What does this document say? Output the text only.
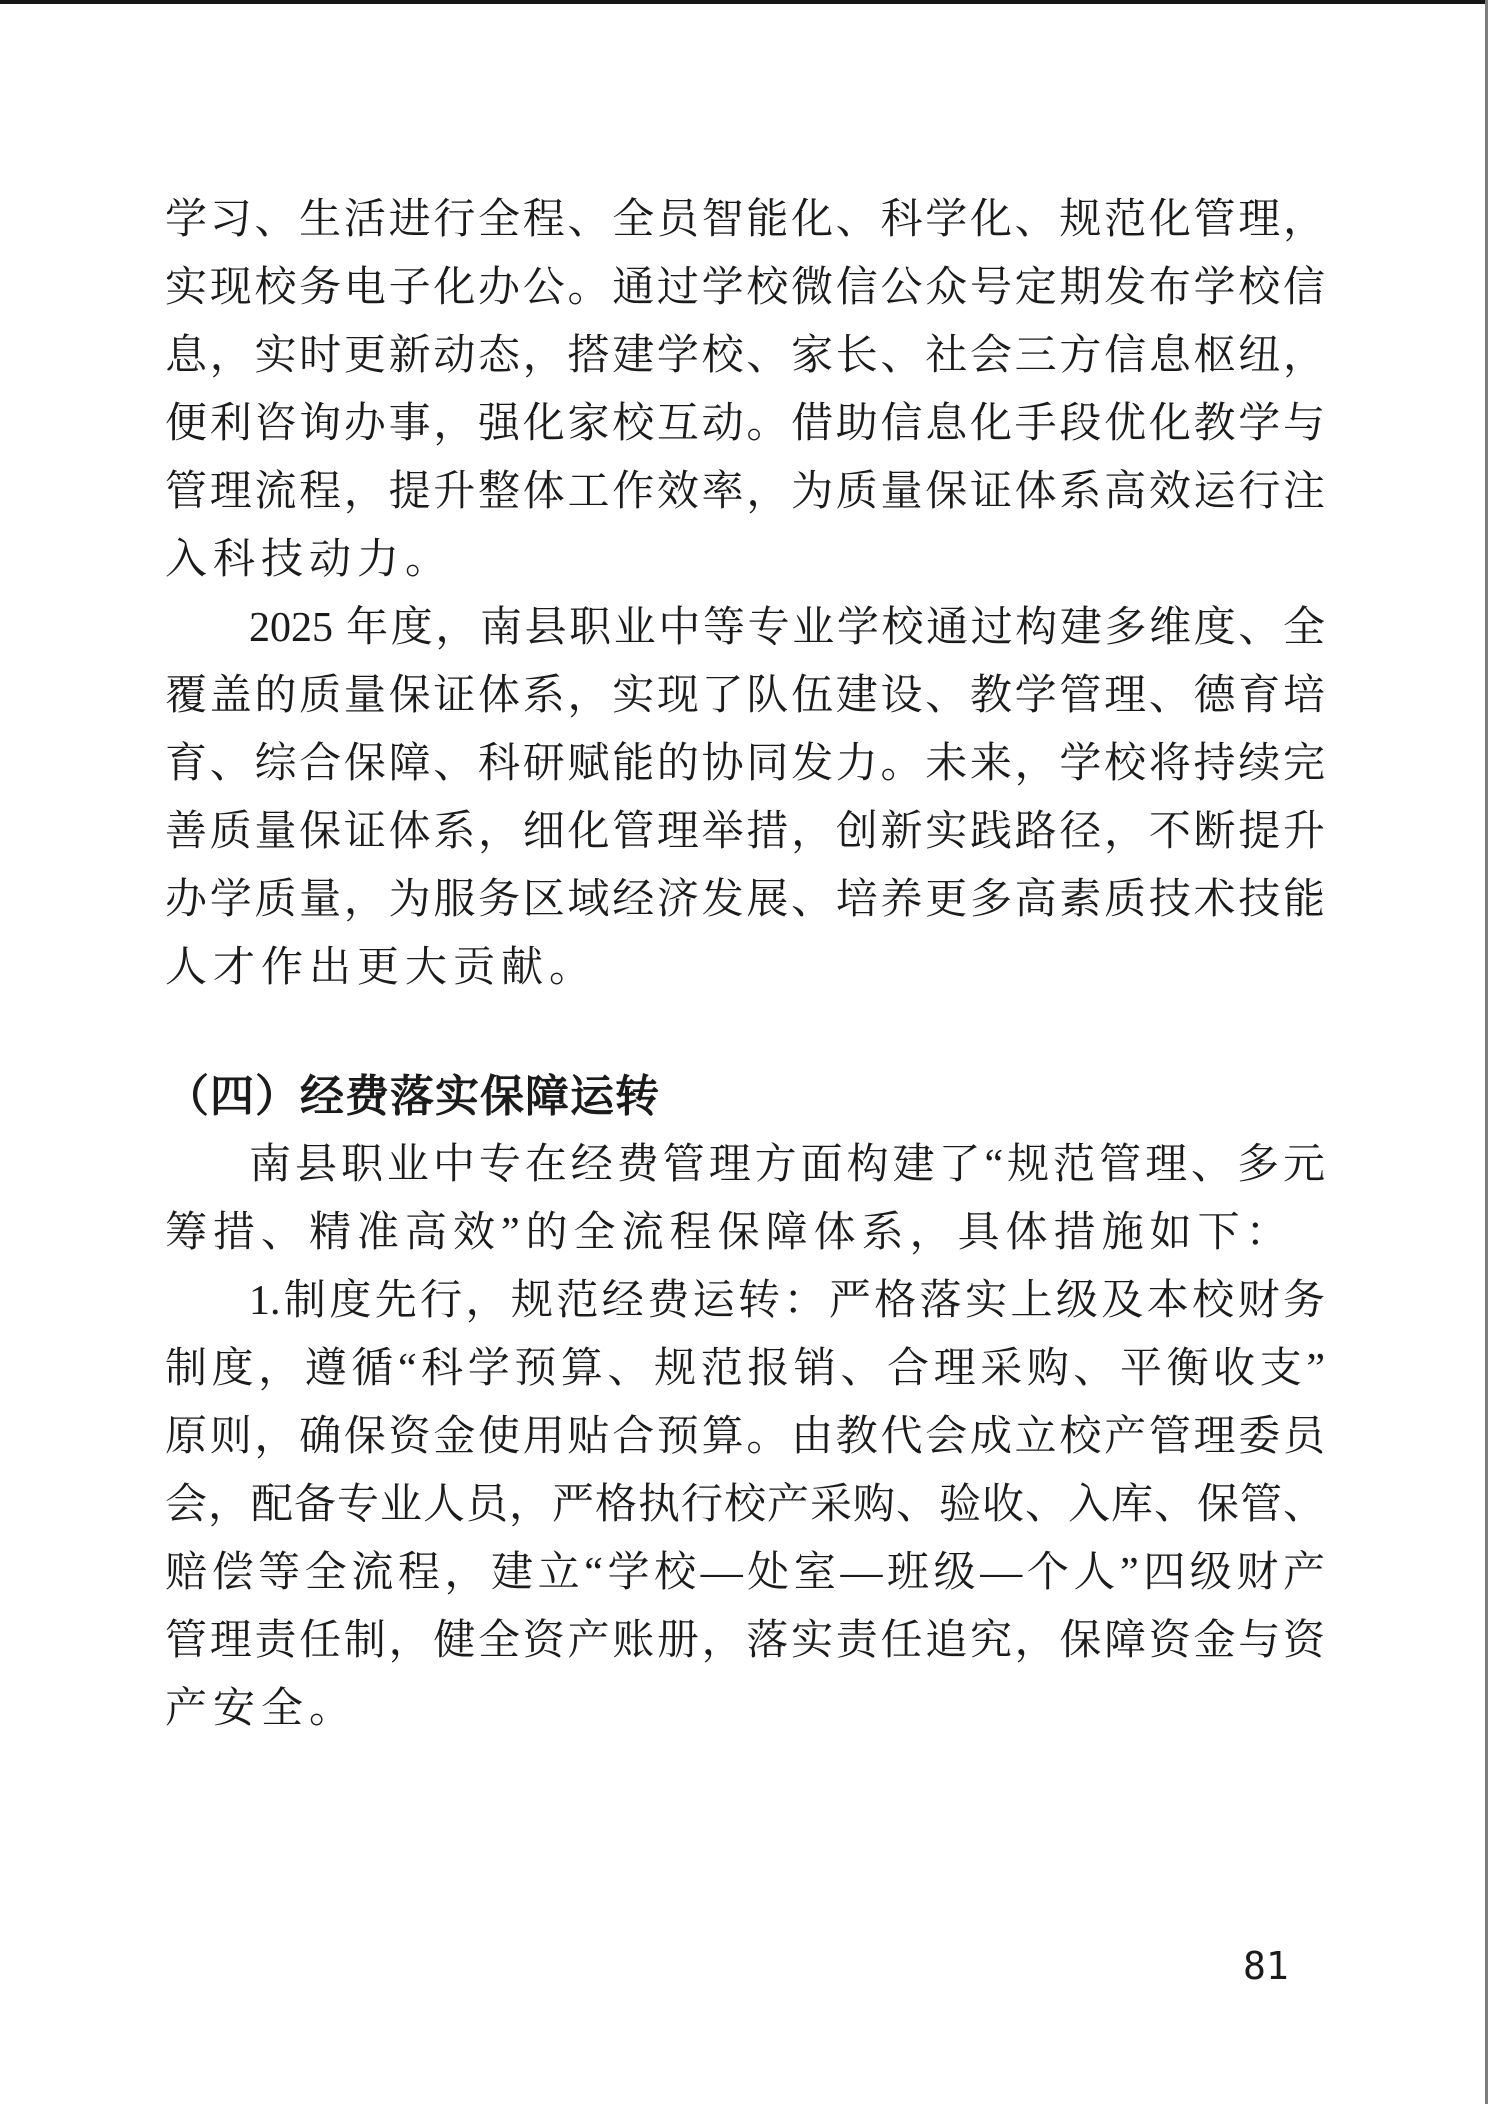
学习、生活进行全程、全员智能化、科学化、规范化管理，
实现校务电子化办公。通过学校微信公众号定期发布学校信
息，实时更新动态，搭建学校、家长、社会三方信息枢纽，
便利咨询办事，强化家校互动。借助信息化手段优化教学与
管理流程，提升整体工作效率，为质量保证体系高效运行注
入科技动力。
2025 年度，南县职业中等专业学校通过构建多维度、全
覆盖的质量保证体系，实现了队伍建设、教学管理、德育培
育、综合保障、科研赋能的协同发力。未来，学校将持续完
善质量保证体系，细化管理举措，创新实践路径，不断提升
办学质量，为服务区域经济发展、培养更多高素质技术技能
人才作出更大贡献。
（四）经费落实保障运转
南县职业中专在经费管理方面构建了“规范管理、多元
筹措、精准高效”的全流程保障体系，具体措施如下：
1.制度先行，规范经费运转：严格落实上级及本校财务
制度，遵循“科学预算、规范报销、合理采购、平衡收支”
原则，确保资金使用贴合预算。由教代会成立校产管理委员
会，配备专业人员，严格执行校产采购、验收、入库、保管、
赔偿等全流程，建立“学校—处室—班级—个人”四级财产
管理责任制，健全资产账册，落实责任追究，保障资金与资
产安全。
81
